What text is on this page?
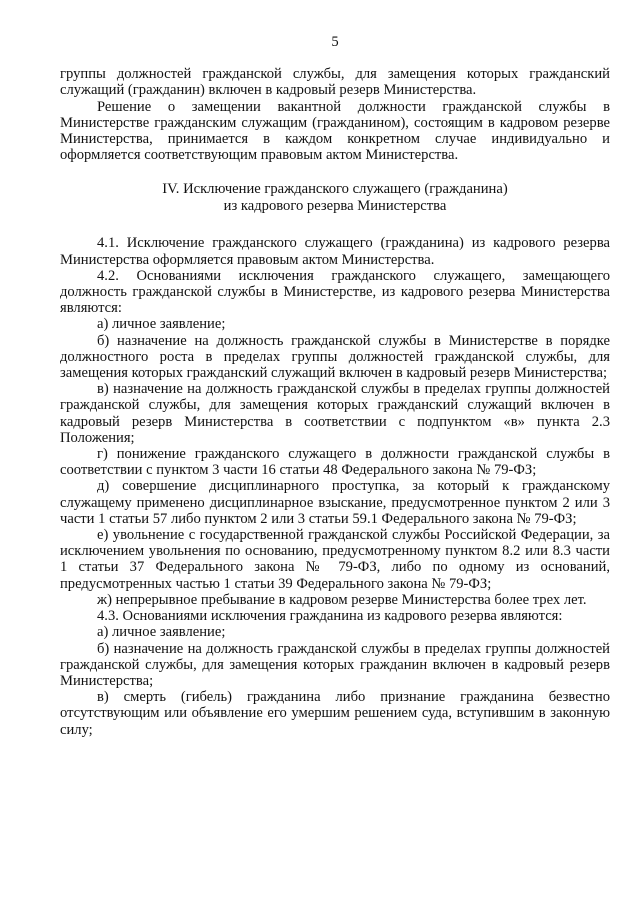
5

группы должностей гражданской службы, для замещения которых гражданский служащий (гражданин) включен в кадровый резерв Министерства.

Решение о замещении вакантной должности гражданской службы в Министерстве гражданским служащим (гражданином), состоящим в кадровом резерве Министерства, принимается в каждом конкретном случае индивидуально и оформляется соответствующим правовым актом Министерства.

IV. Исключение гражданского служащего (гражданина)
из кадрового резерва Министерства

4.1. Исключение гражданского служащего (гражданина) из кадрового резерва Министерства оформляется правовым актом Министерства.

4.2. Основаниями исключения гражданского служащего, замещающего должность гражданской службы в Министерстве, из кадрового резерва Министерства являются:

а) личное заявление;

б) назначение на должность гражданской службы в Министерстве в порядке должностного роста в пределах группы должностей гражданской службы, для замещения которых гражданский служащий включен в кадровый резерв Министерства;

в) назначение на должность гражданской службы в пределах группы должностей гражданской службы, для замещения которых гражданский служащий включен в кадровый резерв Министерства в соответствии с подпунктом «в» пункта 2.3 Положения;

г) понижение гражданского служащего в должности гражданской службы в соответствии с пунктом 3 части 16 статьи 48 Федерального закона № 79-ФЗ;

д) совершение дисциплинарного проступка, за который к гражданскому служащему применено дисциплинарное взыскание, предусмотренное пунктом 2 или 3 части 1 статьи 57 либо пунктом 2 или 3 статьи 59.1 Федерального закона № 79-ФЗ;

е) увольнение с государственной гражданской службы Российской Федерации, за исключением увольнения по основанию, предусмотренному пунктом 8.2 или 8.3 части 1 статьи 37 Федерального закона № 79-ФЗ, либо по одному из оснований, предусмотренных частью 1 статьи 39 Федерального закона № 79-ФЗ;

ж) непрерывное пребывание в кадровом резерве Министерства более трех лет.

4.3. Основаниями исключения гражданина из кадрового резерва являются:

а) личное заявление;

б) назначение на должность гражданской службы в пределах группы должностей гражданской службы, для замещения которых гражданин включен в кадровый резерв Министерства;

в) смерть (гибель) гражданина либо признание гражданина безвестно отсутствующим или объявление его умершим решением суда, вступившим в законную силу;
